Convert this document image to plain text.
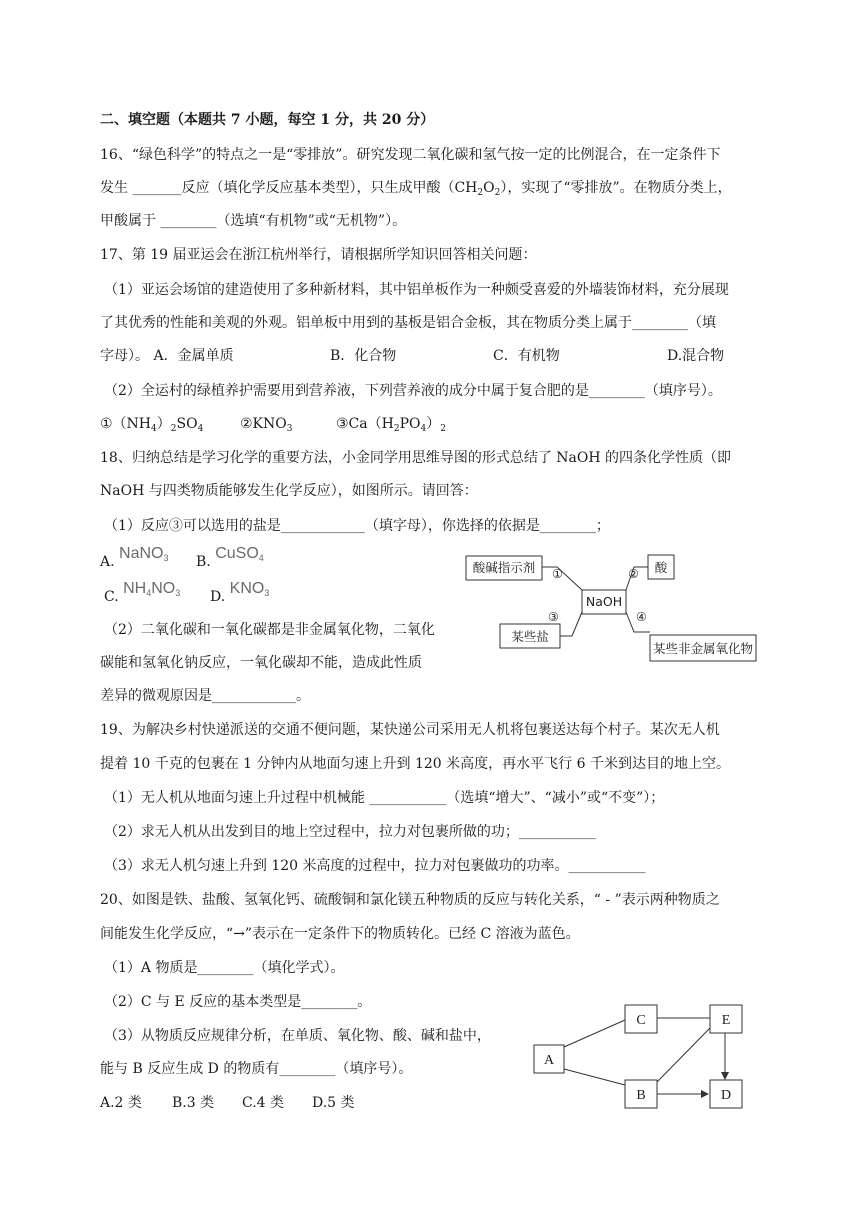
二、填空题（本题共 7 小题，每空 1 分，共 20 分）
16、“绿色科学”的特点之一是“零排放”。研究发现二氧化碳和氢气按一定的比例混合，在一定条件下
发生 _______反应（填化学反应基本类型），只生成甲酸$(CH_2O_2)$，实现了“零排放”。在物质分类上，
甲酸属于 ________（选填“有机物”或“无机物”）。
17、第 19 届亚运会在浙江杭州举行，请根据所学知识回答相关问题：
（1）亚运会场馆的建造使用了多种新材料，其中铝单板作为一种颇受喜爱的外墙装饰材料，充分展现
了其优秀的性能和美观的外观。铝单板中用到的基板是铝合金板，其在物质分类上属于________（填
字母）。 A．金属单质	B．化合物	C．有机物	D.混合物
（2）全运村的绿植养护需要用到营养液，下列营养液的成分中属于复合肥的是________（填序号）。
$①(NH_4)_2SO_4$	$②KNO_3$	$③Ca(H_2PO_4)_2$
18、归纳总结是学习化学的重要方法，小金同学用思维导图的形式总结了 NaOH 的四条化学性质（即
NaOH 与四类物质能够发生化学反应），如图所示。请回答：
（1）反应③可以选用的盐是____________（填字母），你选择的依据是________；
A. NaNO$_3$ B. CuSO$_4$
C. $NH_4NO_3$ D. $KNO_3$
（2）二氧化碳和一氧化碳都是非金属氧化物，二氧化
碳能和氢氧化钠反应，一氧化碳却不能，造成此性质
差异的微观原因是____________。
酸碱指示剂	酸
NaOH
某些盐
某些非金属氧化物
①	②
③	④
19、为解决乡村快递派送的交通不便问题，某快递公司采用无人机将包裹送达每个村子。某次无人机
提着 10 千克的包裹在 1 分钟内从地面匀速上升到 120 米高度，再水平飞行 6 千米到达目的地上空。
（1）无人机从地面匀速上升过程中机械能 ___________（选填“增大”、“减小”或“不变”）；
（2）求无人机从出发到目的地上空过程中，拉力对包裹所做的功；___________
（3）求无人机匀速上升到 120 米高度的过程中，拉力对包裹做功的功率。___________
20、如图是铁、盐酸、氢氧化钙、硫酸铜和氯化镁五种物质的反应与转化关系，“ - ”表示两种物质之
间能发生化学反应，“→”表示在一定条件下的物质转化。已经 C 溶液为蓝色。
（1）A 物质是________（填化学式）。
（2）C 与 E 反应的基本类型是________。
（3）从物质反应规律分析，在单质、氧化物、酸、碱和盐中，
能与 B 反应生成 D 的物质有________（填序号）。
A.2 类 B.3 类 C.4 类 D.5 类
A
C	E
B	D
